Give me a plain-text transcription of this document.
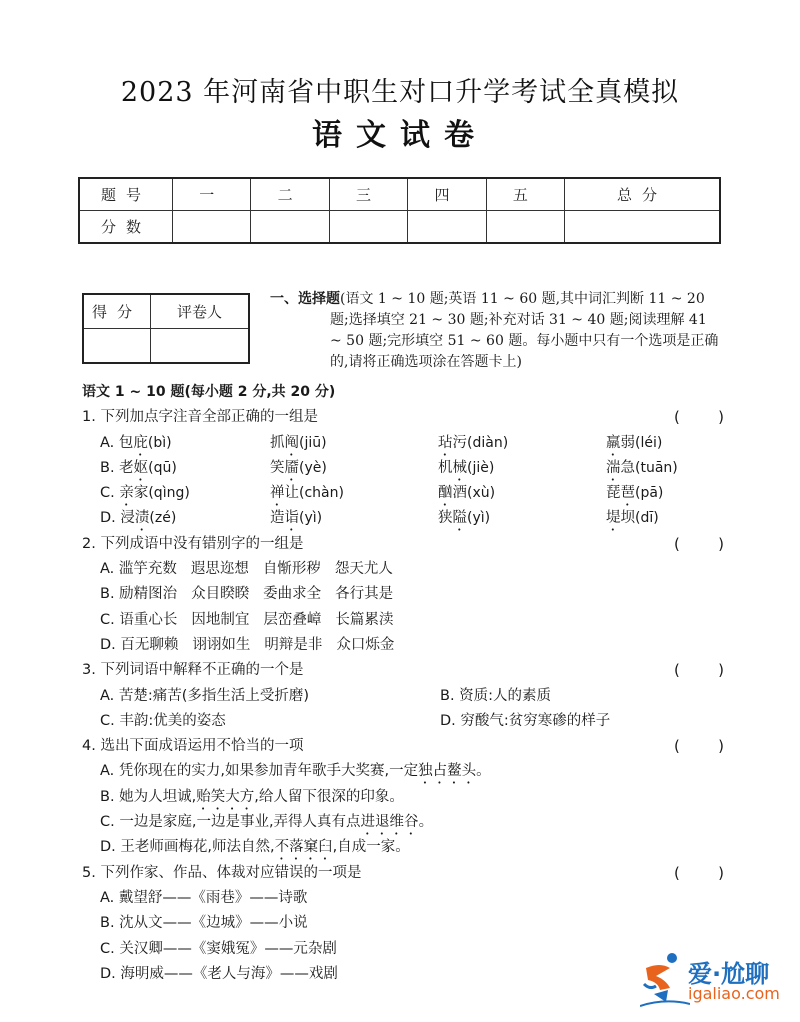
2023 年河南省中职生对口升学考试全真模拟
语文试卷
题号	一	二	三	四	五	总分
分数						
得分	评卷人

一、选择题(语文 1 ~ 10 题;英语 11 ~ 60 题,其中词汇判断 11 ~ 20 题;选择填空 21 ~ 30 题;补充对话 31 ~ 40 题;阅读理解 41 ~ 50 题;完形填空 51 ~ 60 题。每小题中只有一个选项是正确的,请将正确选项涂在答题卡上)
语文 1 ~ 10 题(每小题 2 分,共 20 分)
1. 下列加点字注音全部正确的一组是	(	)
A. 包庇(bì)	抓阄(jiū)	玷污(diàn)	羸弱(léi)
B. 老妪(qū)	笑靥(yè)	机械(jiè)	湍急(tuān)
C. 亲家(qìng)	禅让(chàn)	酗酒(xù)	琵琶(pā)
D. 浸渍(zé)	造诣(yì)	狭隘(yì)	堤坝(dī)
2. 下列成语中没有错别字的一组是	(	)
A. 滥竽充数 遐思迩想 自惭形秽 怨天尤人
B. 励精图治 众目睽睽 委曲求全 各行其是
C. 语重心长 因地制宜 层峦叠嶂 长篇累渎
D. 百无聊赖 诩诩如生 明辩是非 众口烁金
3. 下列词语中解释不正确的一个是	(	)
A. 苦楚:痛苦(多指生活上受折磨)	B. 资质:人的素质
C. 丰韵:优美的姿态	D. 穷酸气:贫穷寒碜的样子
4. 选出下面成语运用不恰当的一项	(	)
A. 凭你现在的实力,如果参加青年歌手大奖赛,一定独占鳌头。
B. 她为人坦诚,贻笑大方,给人留下很深的印象。
C. 一边是家庭,一边是事业,弄得人真有点进退维谷。
D. 王老师画梅花,师法自然,不落窠臼,自成一家。
5. 下列作家、作品、体裁对应错误的一项是	(	)
A. 戴望舒——《雨巷》——诗歌
B. 沈从文——《边城》——小说
C. 关汉卿——《窦娥冤》——元杂剧
D. 海明威——《老人与海》——戏剧	爱·尬聊
igaliao.com
